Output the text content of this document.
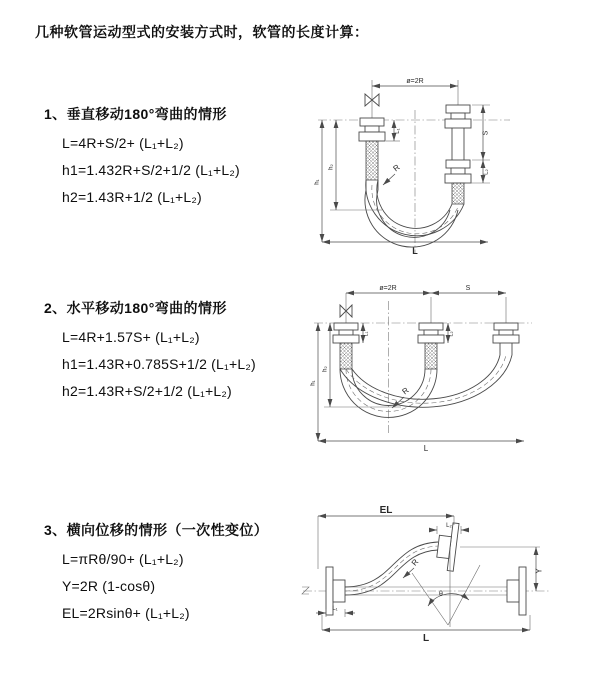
几种软管运动型式的安装方式时，软管的长度计算：
1、垂直移动180°弯曲的情形
L=4R+S/2+ (L₁+L₂)
h1=1.432R+S/2+1/2 (L₁+L₂)
h2=1.43R+1/2 (L₁+L₂)
ø=2R
h₁
h₂
L₁	S
L₂
L
R
2、水平移动180°弯曲的情形
L=4R+1.57S+ (L₁+L₂)
h1=1.43R+0.785S+1/2 (L₁+L₂)
h2=1.43R+S/2+1/2 (L₁+L₂)
ø=2R	S
h₁
h₂
L₁	L₂
R
L
3、横向位移的情形（一次性变位）
L=πRθ/90+ (L₁+L₂)
Y=2R (1-cosθ)
EL=2Rsinθ+ (L₁+L₂)
EL
L₂
Y
θ
R
L₁
L
